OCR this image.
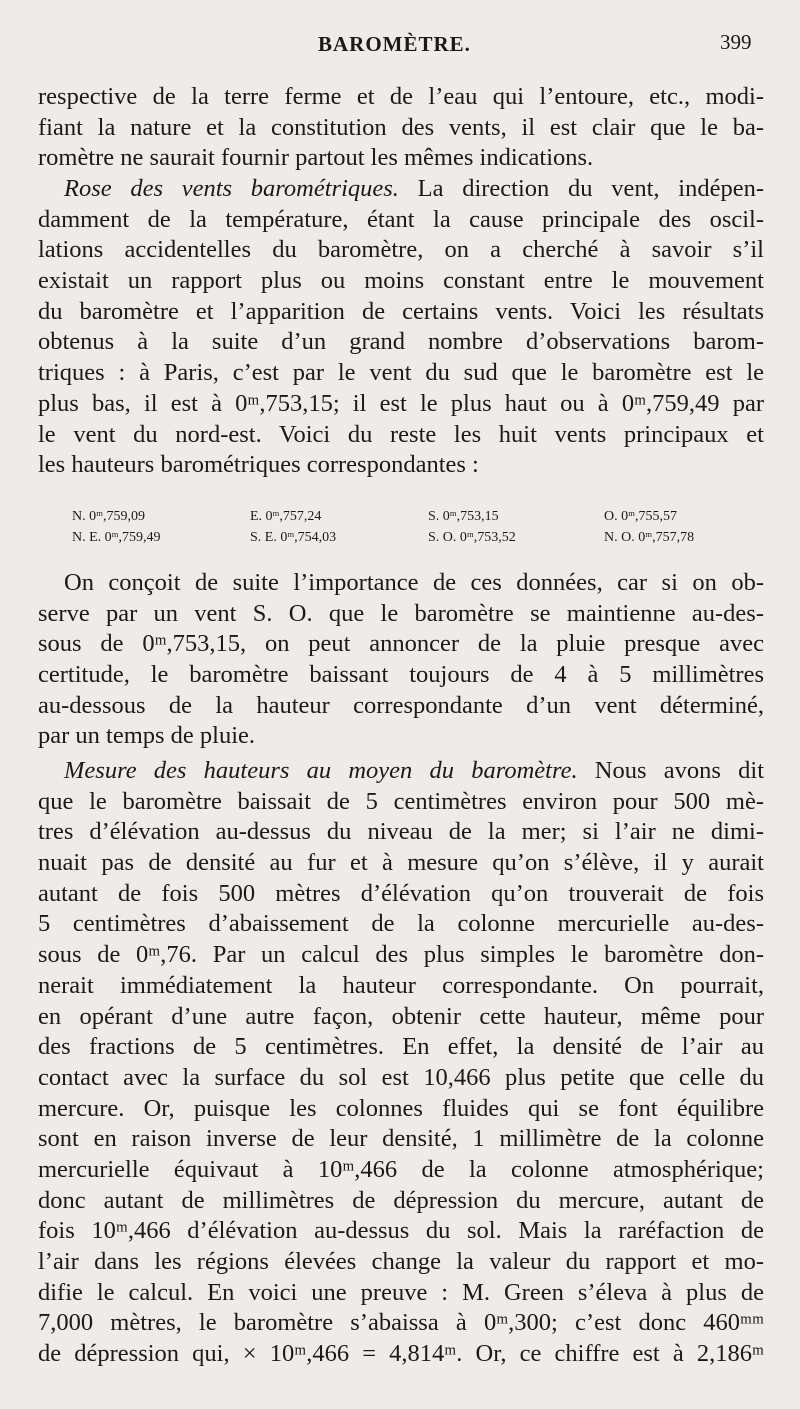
BAROMÈTRE.	399
respective de la terre ferme et de l’eau qui l’entoure, etc., modi-
fiant la nature et la constitution des vents, il est clair que le ba-
romètre ne saurait fournir partout les mêmes indications.
Rose des vents barométriques. La direction du vent, indépen-
damment de la température, étant la cause principale des oscil-
lations accidentelles du baromètre, on a cherché à savoir s’il
existait un rapport plus ou moins constant entre le mouvement
du baromètre et l’apparition de certains vents. Voici les résultats
obtenus à la suite d’un grand nombre d’observations barom-
triques : à Paris, c’est par le vent du sud que le baromètre est le
plus bas, il est à 0ᵐ,753,15; il est le plus haut ou à 0ᵐ,759,49 par
le vent du nord-est. Voici du reste les huit vents principaux et
les hauteurs barométriques correspondantes :
N. 0ᵐ,759,09	E. 0ᵐ,757,24	S. 0ᵐ,753,15	O. 0ᵐ,755,57
N. E. 0ᵐ,759,49	S. E. 0ᵐ,754,03	S. O. 0ᵐ,753,52	N. O. 0ᵐ,757,78
On conçoit de suite l’importance de ces données, car si on ob-
serve par un vent S. O. que le baromètre se maintienne au-des-
sous de 0ᵐ,753,15, on peut annoncer de la pluie presque avec
certitude, le baromètre baissant toujours de 4 à 5 millimètres
au-dessous de la hauteur correspondante d’un vent déterminé,
par un temps de pluie.
Mesure des hauteurs au moyen du baromètre. Nous avons dit
que le baromètre baissait de 5 centimètres environ pour 500 mè-
tres d’élévation au-dessus du niveau de la mer; si l’air ne dimi-
nuait pas de densité au fur et à mesure qu’on s’élève, il y aurait
autant de fois 500 mètres d’élévation qu’on trouverait de fois
5 centimètres d’abaissement de la colonne mercurielle au-des-
sous de 0ᵐ,76. Par un calcul des plus simples le baromètre don-
nerait immédiatement la hauteur correspondante. On pourrait,
en opérant d’une autre façon, obtenir cette hauteur, même pour
des fractions de 5 centimètres. En effet, la densité de l’air au
contact avec la surface du sol est 10,466 plus petite que celle du
mercure. Or, puisque les colonnes fluides qui se font équilibre
sont en raison inverse de leur densité, 1 millimètre de la colonne
mercurielle équivaut à 10ᵐ,466 de la colonne atmosphérique;
donc autant de millimètres de dépression du mercure, autant de
fois 10ᵐ,466 d’élévation au-dessus du sol. Mais la raréfaction de
l’air dans les régions élevées change la valeur du rapport et mo-
difie le calcul. En voici une preuve : M. Green s’éleva à plus de
7,000 mètres, le baromètre s’abaissa à 0ᵐ,300; c’est donc 460ᵐᵐ
de dépression qui, × 10ᵐ,466 = 4,814ᵐ. Or, ce chiffre est à 2,186ᵐ
